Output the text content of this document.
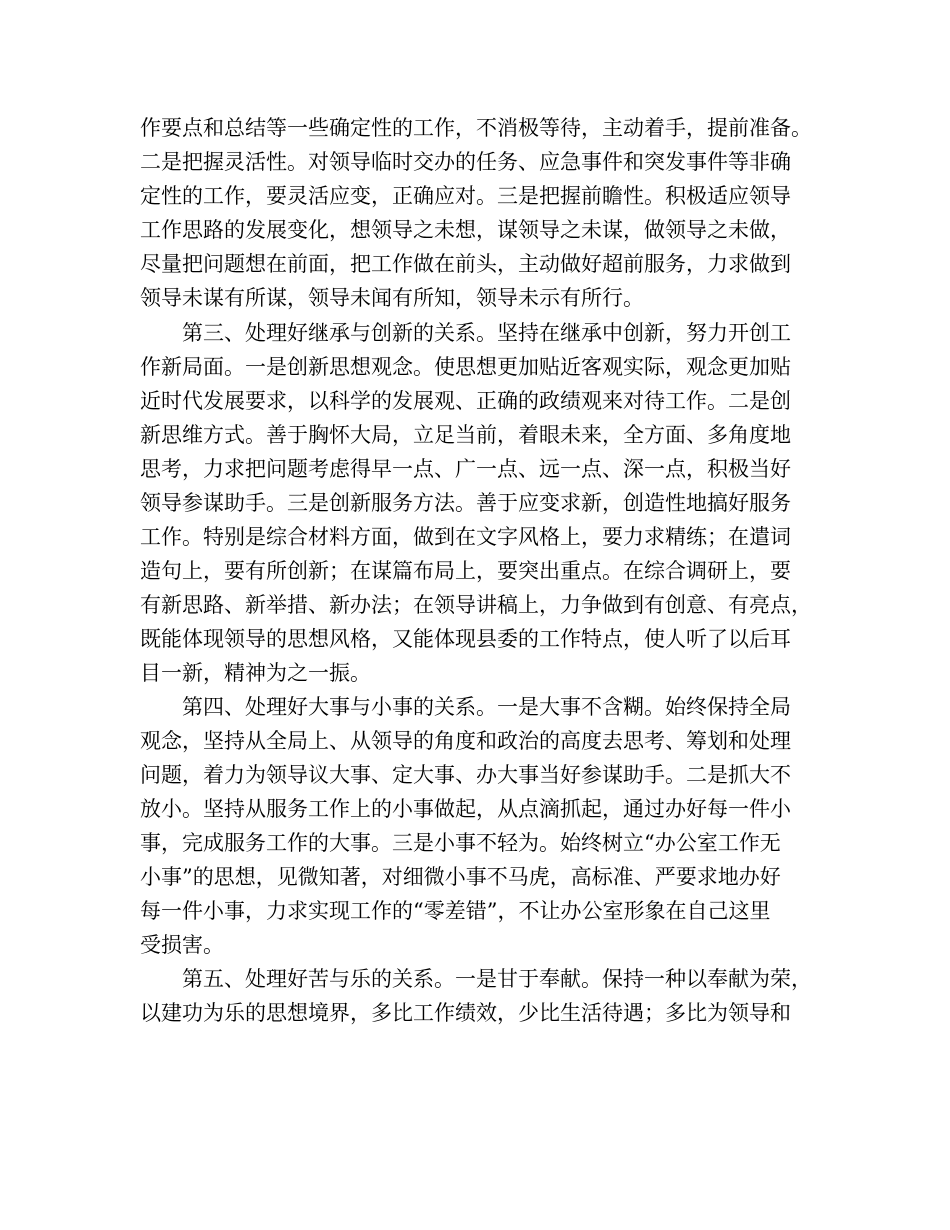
作要点和总结等一些确定性的工作，不消极等待，主动着手，提前准备。
二是把握灵活性。对领导临时交办的任务、应急事件和突发事件等非确
定性的工作，要灵活应变，正确应对。三是把握前瞻性。积极适应领导
工作思路的发展变化，想领导之未想，谋领导之未谋，做领导之未做，
尽量把问题想在前面，把工作做在前头，主动做好超前服务，力求做到
领导未谋有所谋，领导未闻有所知，领导未示有所行。
　　第三、处理好继承与创新的关系。坚持在继承中创新，努力开创工
作新局面。一是创新思想观念。使思想更加贴近客观实际，观念更加贴
近时代发展要求，以科学的发展观、正确的政绩观来对待工作。二是创
新思维方式。善于胸怀大局，立足当前，着眼未来，全方面、多角度地
思考，力求把问题考虑得早一点、广一点、远一点、深一点，积极当好
领导参谋助手。三是创新服务方法。善于应变求新，创造性地搞好服务
工作。特别是综合材料方面，做到在文字风格上，要力求精练；在遣词
造句上，要有所创新；在谋篇布局上，要突出重点。在综合调研上，要
有新思路、新举措、新办法；在领导讲稿上，力争做到有创意、有亮点，
既能体现领导的思想风格，又能体现县委的工作特点，使人听了以后耳
目一新，精神为之一振。
　　第四、处理好大事与小事的关系。一是大事不含糊。始终保持全局
观念，坚持从全局上、从领导的角度和政治的高度去思考、筹划和处理
问题，着力为领导议大事、定大事、办大事当好参谋助手。二是抓大不
放小。坚持从服务工作上的小事做起，从点滴抓起，通过办好每一件小
事，完成服务工作的大事。三是小事不轻为。始终树立“办公室工作无
小事”的思想，见微知著，对细微小事不马虎，高标准、严要求地办好
每一件小事，力求实现工作的“零差错”，不让办公室形象在自己这里
受损害。
　　第五、处理好苦与乐的关系。一是甘于奉献。保持一种以奉献为荣，
以建功为乐的思想境界，多比工作绩效，少比生活待遇；多比为领导和
